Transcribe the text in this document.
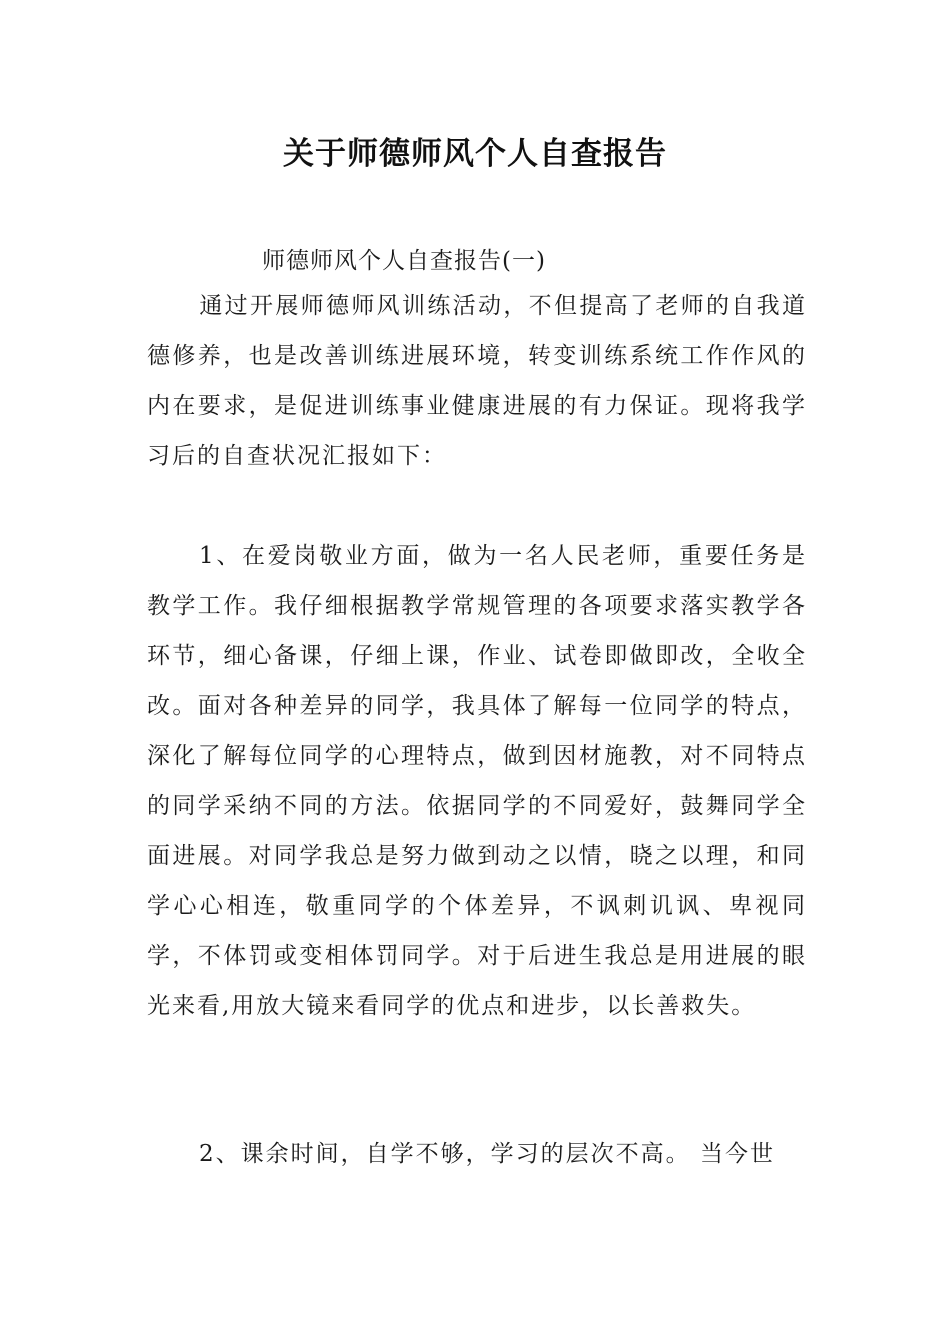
关于师德师风个人自查报告
师德师风个人自查报告(一)

通过开展师德师风训练活动，不但提高了老师的自我道德修养，也是改善训练进展环境，转变训练系统工作作风的内在要求，是促进训练事业健康进展的有力保证。现将我学习后的自查状况汇报如下：

1、在爱岗敬业方面，做为一名人民老师，重要任务是教学工作。我仔细根据教学常规管理的各项要求落实教学各环节，细心备课，仔细上课，作业、试卷即做即改，全收全改。面对各种差异的同学，我具体了解每一位同学的特点，深化了解每位同学的心理特点，做到因材施教，对不同特点的同学采纳不同的方法。依据同学的不同爱好，鼓舞同学全面进展。对同学我总是努力做到动之以情，晓之以理，和同学心心相连，敬重同学的个体差异，不讽刺讥讽、卑视同学，不体罚或变相体罚同学。对于后进生我总是用进展的眼光来看,用放大镜来看同学的优点和进步，以长善救失。

2、课余时间，自学不够，学习的层次不高。 当今世
